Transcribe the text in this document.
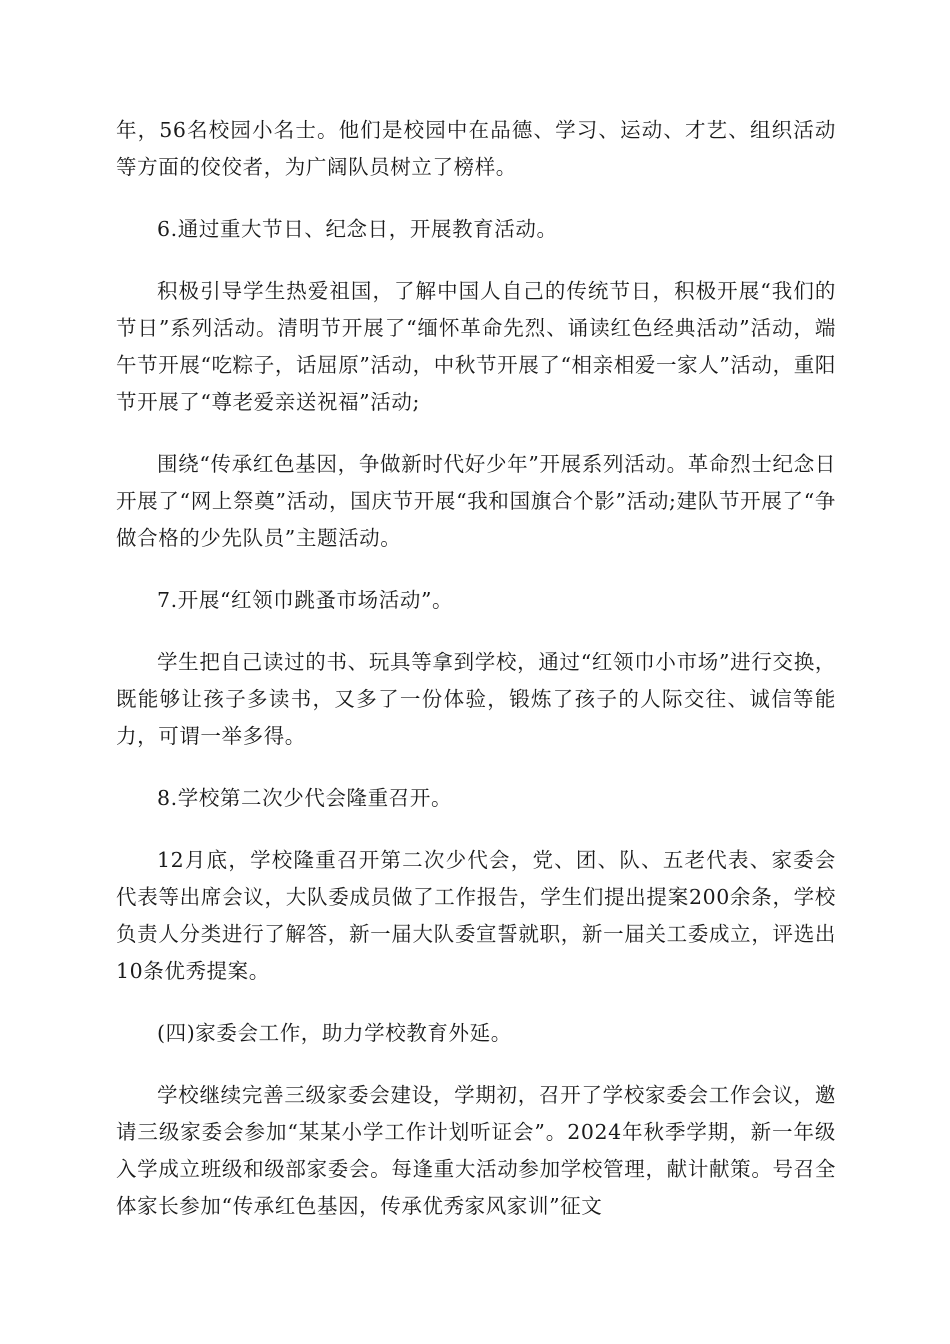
年，56名校园小名士。他们是校园中在品德、学习、运动、才艺、组织活动等方面的佼佼者，为广阔队员树立了榜样。

6.通过重大节日、纪念日，开展教育活动。

积极引导学生热爱祖国，了解中国人自己的传统节日，积极开展“我们的节日”系列活动。清明节开展了“缅怀革命先烈、诵读红色经典活动”活动，端午节开展“吃粽子，话屈原”活动，中秋节开展了“相亲相爱一家人”活动，重阳节开展了“尊老爱亲送祝福”活动;

围绕“传承红色基因，争做新时代好少年”开展系列活动。革命烈士纪念日开展了“网上祭奠”活动，国庆节开展“我和国旗合个影”活动;建队节开展了“争做合格的少先队员”主题活动。

7.开展“红领巾跳蚤市场活动”。

学生把自己读过的书、玩具等拿到学校，通过“红领巾小市场”进行交换，既能够让孩子多读书，又多了一份体验，锻炼了孩子的人际交往、诚信等能力，可谓一举多得。

8.学校第二次少代会隆重召开。

12月底，学校隆重召开第二次少代会，党、团、队、五老代表、家委会代表等出席会议，大队委成员做了工作报告，学生们提出提案200余条，学校负责人分类进行了解答，新一届大队委宣誓就职，新一届关工委成立，评选出10条优秀提案。

(四)家委会工作，助力学校教育外延。

学校继续完善三级家委会建设，学期初，召开了学校家委会工作会议，邀请三级家委会参加“某某小学工作计划听证会”。2024年秋季学期，新一年级入学成立班级和级部家委会。每逢重大活动参加学校管理，献计献策。号召全体家长参加“传承红色基因，传承优秀家风家训”征文
